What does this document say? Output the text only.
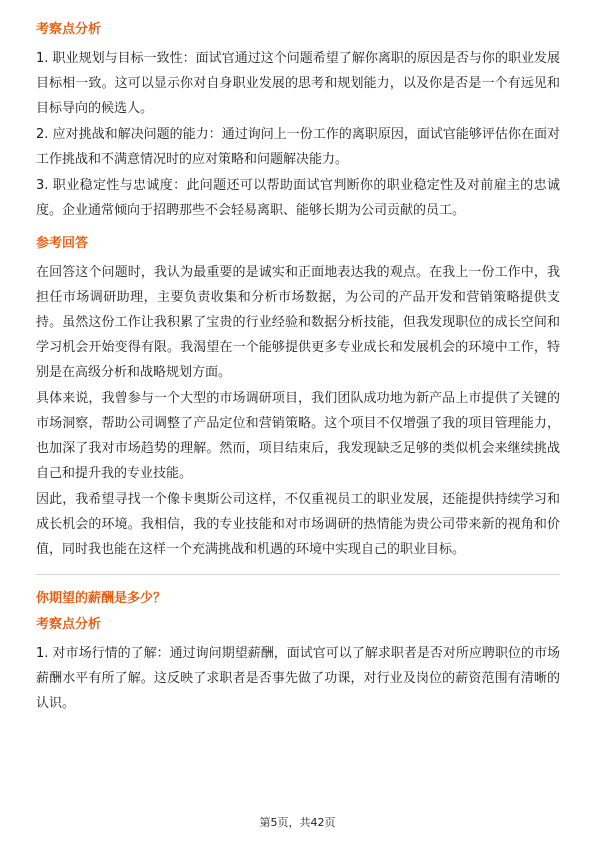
考察点分析

1. 职业规划与目标一致性：面试官通过这个问题希望了解你离职的原因是否与你的职业发展目标相一致。这可以显示你对自身职业发展的思考和规划能力，以及你是否是一个有远见和目标导向的候选人。

2. 应对挑战和解决问题的能力：通过询问上一份工作的离职原因，面试官能够评估你在面对工作挑战和不满意情况时的应对策略和问题解决能力。

3. 职业稳定性与忠诚度：此问题还可以帮助面试官判断你的职业稳定性及对前雇主的忠诚度。企业通常倾向于招聘那些不会轻易离职、能够长期为公司贡献的员工。

参考回答

在回答这个问题时，我认为最重要的是诚实和正面地表达我的观点。在我上一份工作中，我担任市场调研助理，主要负责收集和分析市场数据，为公司的产品开发和营销策略提供支持。虽然这份工作让我积累了宝贵的行业经验和数据分析技能，但我发现职位的成长空间和学习机会开始变得有限。我渴望在一个能够提供更多专业成长和发展机会的环境中工作，特别是在高级分析和战略规划方面。

具体来说，我曾参与一个大型的市场调研项目，我们团队成功地为新产品上市提供了关键的市场洞察，帮助公司调整了产品定位和营销策略。这个项目不仅增强了我的项目管理能力，也加深了我对市场趋势的理解。然而，项目结束后，我发现缺乏足够的类似机会来继续挑战自己和提升我的专业技能。

因此，我希望寻找一个像卡奥斯公司这样，不仅重视员工的职业发展，还能提供持续学习和成长机会的环境。我相信，我的专业技能和对市场调研的热情能为贵公司带来新的视角和价值，同时我也能在这样一个充满挑战和机遇的环境中实现自己的职业目标。

你期望的薪酬是多少？
考察点分析

1. 对市场行情的了解：通过询问期望薪酬，面试官可以了解求职者是否对所应聘职位的市场薪酬水平有所了解。这反映了求职者是否事先做了功课，对行业及岗位的薪资范围有清晰的认识。

第5页，共42页
